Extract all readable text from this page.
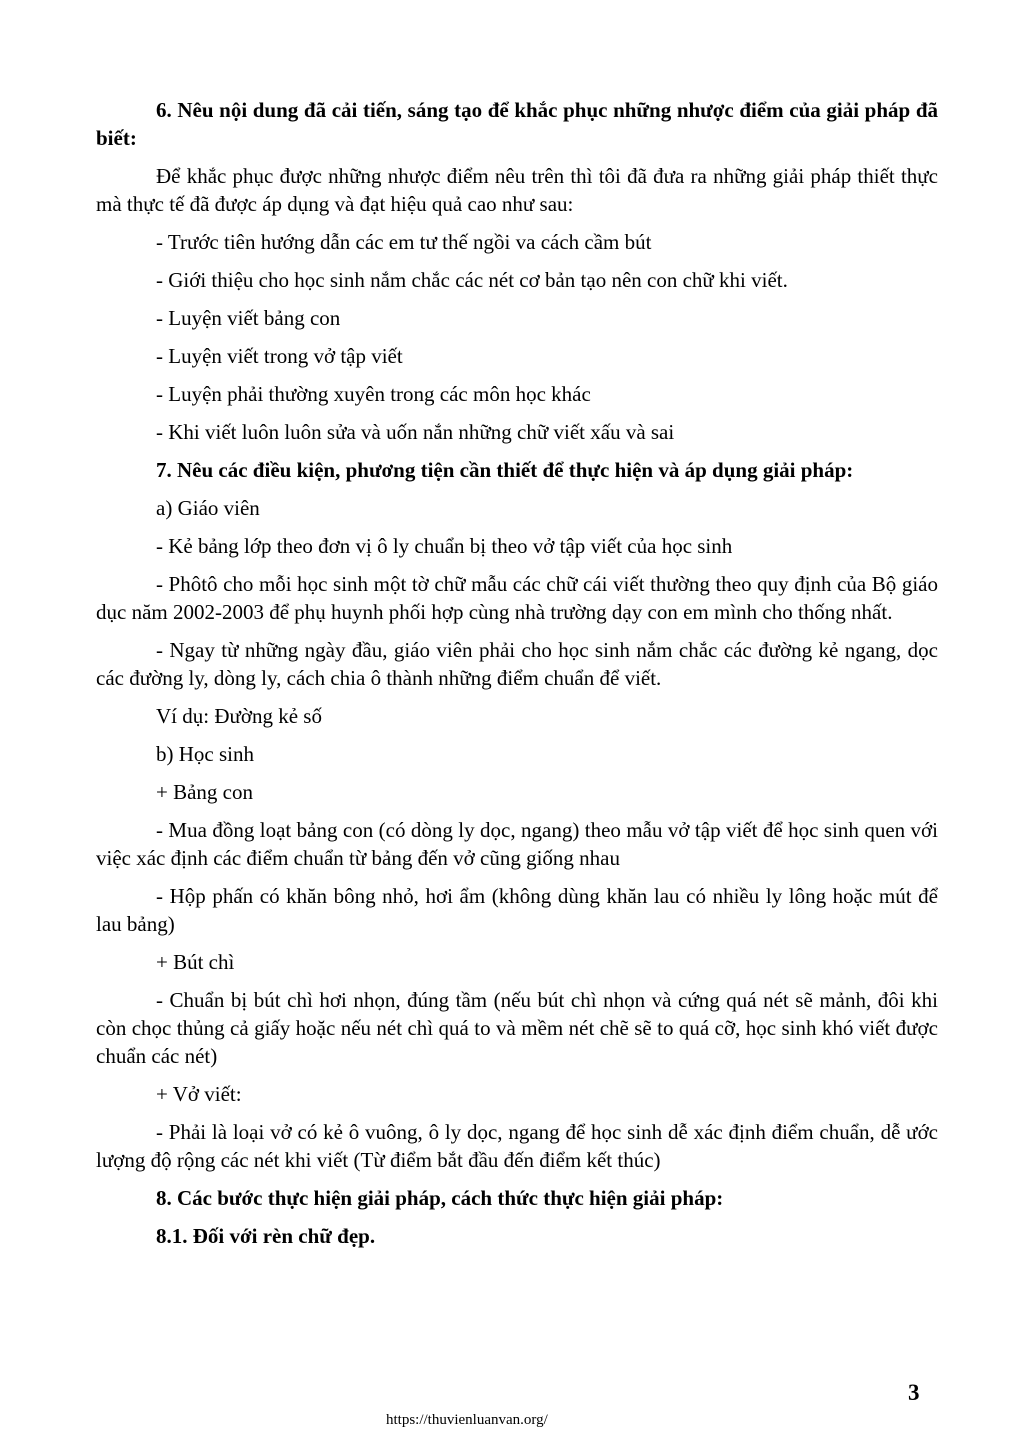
6. Nêu nội dung đã cải tiến, sáng tạo để khắc phục những nhược điểm của giải pháp đã biết:

Để khắc phục được những nhược điểm nêu trên thì tôi đã đưa ra những giải pháp thiết thực mà thực tế đã được áp dụng và đạt hiệu quả cao như sau:

- Trước tiên hướng dẫn các em tư thế ngồi va cách cầm bút

- Giới thiệu cho học sinh nắm chắc các nét cơ bản tạo nên con chữ khi viết.

- Luyện viết bảng con

- Luyện viết trong vở tập viết

- Luyện phải thường xuyên trong các môn học khác

- Khi viết luôn luôn sửa và uốn nắn những chữ viết xấu và sai

7. Nêu các điều kiện, phương tiện cần thiết để thực hiện và áp dụng giải pháp:

a) Giáo viên

- Kẻ bảng lớp theo đơn vị ô ly chuẩn bị theo vở tập viết của học sinh

- Phôtô cho mỗi học sinh một tờ chữ mẫu các chữ cái viết thường theo quy định của Bộ giáo dục năm 2002-2003 để phụ huynh phối hợp cùng nhà trường dạy con em mình cho thống nhất.

- Ngay từ những ngày đầu, giáo viên phải cho học sinh nắm chắc các đường kẻ ngang, dọc các đường ly, dòng ly, cách chia ô thành những điểm chuẩn để viết.

Ví dụ: Đường kẻ số

b) Học sinh

+ Bảng con

- Mua đồng loạt bảng con (có dòng ly dọc, ngang) theo mẫu vở tập viết để học sinh quen với việc xác định các điểm chuẩn từ bảng đến vở cũng giống nhau

- Hộp phấn có khăn bông nhỏ, hơi ẩm (không dùng khăn lau có nhiều ly lông hoặc mút để lau bảng)

+ Bút chì

- Chuẩn bị bút chì hơi nhọn, đúng tầm (nếu bút chì nhọn và cứng quá nét sẽ mảnh, đôi khi còn chọc thủng cả giấy hoặc nếu nét chì quá to và mềm nét chẽ sẽ to quá cỡ, học sinh khó viết được chuẩn các nét)

+ Vở viết:

- Phải là loại vở có kẻ ô vuông, ô ly dọc, ngang để học sinh dễ xác định điểm chuẩn, dễ ước lượng độ rộng các nét khi viết (Từ điểm bắt đầu đến điểm kết thúc)

8. Các bước thực hiện giải pháp, cách thức thực hiện giải pháp:

8.1. Đối với rèn chữ đẹp.

3
https://thuvienluanvan.org/
